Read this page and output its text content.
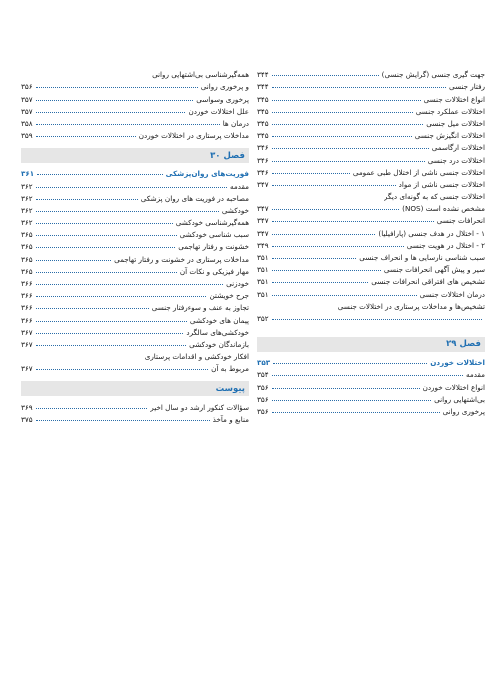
جهت گیری جنسی (گرایش جنسی)
۳۴۴
رفتار جنسی
۳۴۴
انواع اختلالات جنسی
۳۴۵
اختلالات عملکرد جنسی
۳۴۵
اختلالات میل جنسی
۳۴۵
اختلالات انگیزش جنسی
۳۴۵
اختلالات ارگاسمی
۳۴۶
اختلالات درد جنسی
۳۴۶
اختلالات جنسی ناشی از اختلال طبی عمومی
۳۴۶
اختلالات جنسی ناشی از مواد
۳۴۷
اختلالات جنسی که به گونه‌ای دیگر
مشخص نشده است (NOS)
۳۴۷
انحرافات جنسی
۳۴۷
۱ - اختلال در هدف جنسی (پارافیلیا)
۳۴۷
۲ - اختلال در هویت جنسی
۳۴۹
سبب شناسی نارسایی ها و انحراف جنسی
۳۵۱
سیر و پیش آگهی انحرافات جنسی
۳۵۱
تشخیص های افتراقی انحرافات جنسی
۳۵۱
درمان اختلالات جنسی
۳۵۱
تشخیص‌ها و مداخلات پرستاری در اختلالات جنسی
۳۵۲
فصل ۲۹
اختلالات خوردن
۳۵۳
مقدمه
۳۵۴
انواع اختلالات خوردن
۳۵۶
بی‌اشتهایی روانی
۳۵۶
پرخوری روانی
۳۵۶
همه‌گیرشناسی بی‌اشتهایی روانی
و پرخوری روانی
۳۵۶
پرخوری وسواسی
۳۵۷
علل اختلالات خوردن
۳۵۷
درمان ها
۳۵۸
مداخلات پرستاری در اختلالات خوردن
۳۵۹
فصل ۳۰
فوریت‌های روان‌پزشکی
۳۶۱
مقدمه
۳۶۲
مصاحبه در فوریت های روان پزشکی
۳۶۲
خودکشی
۳۶۲
همه‌گیرشناسی خودکشی
۳۶۲
سبب شناسی خودکشی
۳۶۵
خشونت و رفتار تهاجمی
۳۶۵
مداخلات پرستاری در خشونت و رفتار تهاجمی
۳۶۵
مهار فیزیکی و نکات آن
۳۶۵
خودزنی
۳۶۶
جرح خویشتن
۳۶۶
تجاوز به عنف و سوءرفتار جنسی
۳۶۶
پیمان های خودکشی
۳۶۶
خودکشی‌های سالگرد
۳۶۷
بازماندگان خودکشی
۳۶۷
افکار خودکشی و اقدامات پرستاری
مربوط به آن
۳۶۷
پیوست
سؤالات کنکور ارشد دو سال اخیر
۳۶۹
منابع و مآخذ
۳۷۵
